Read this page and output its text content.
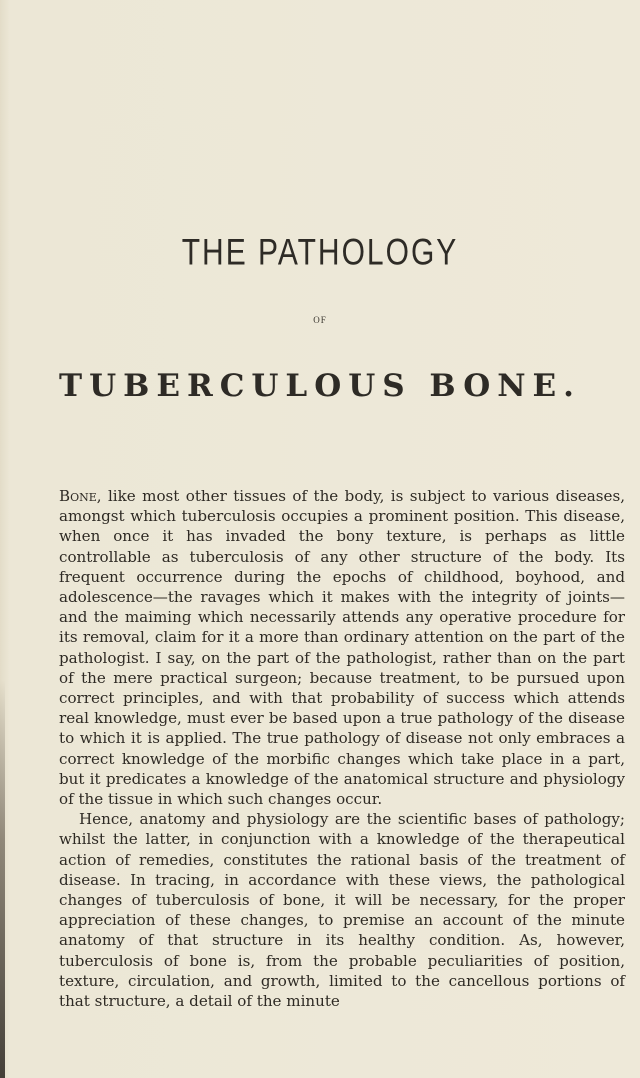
THE PATHOLOGY

OF

TUBERCULOUS BONE.

Bone, like most other tissues of the body, is subject to various diseases, amongst which tuberculosis occupies a prominent position. This disease, when once it has invaded the bony texture, is perhaps as little controllable as tuberculosis of any other structure of the body. Its frequent occurrence during the epochs of childhood, boyhood, and adolescence—the ravages which it makes with the integrity of joints—and the maiming which necessarily attends any operative procedure for its removal, claim for it a more than ordinary attention on the part of the pathologist. I say, on the part of the pathologist, rather than on the part of the mere practical surgeon; because treatment, to be pursued upon correct principles, and with that probability of success which attends real knowledge, must ever be based upon a true pathology of the disease to which it is applied. The true pathology of disease not only embraces a correct knowledge of the morbific changes which take place in a part, but it predicates a knowledge of the anatomical structure and physiology of the tissue in which such changes occur.

Hence, anatomy and physiology are the scientific bases of pathology; whilst the latter, in conjunction with a knowledge of the therapeutical action of remedies, constitutes the rational basis of the treatment of disease. In tracing, in accordance with these views, the pathological changes of tuberculosis of bone, it will be necessary, for the proper appreciation of these changes, to premise an account of the minute anatomy of that structure in its healthy condition. As, however, tuberculosis of bone is, from the probable peculiarities of position, texture, circulation, and growth, limited to the cancellous portions of that structure, a detail of the minute
